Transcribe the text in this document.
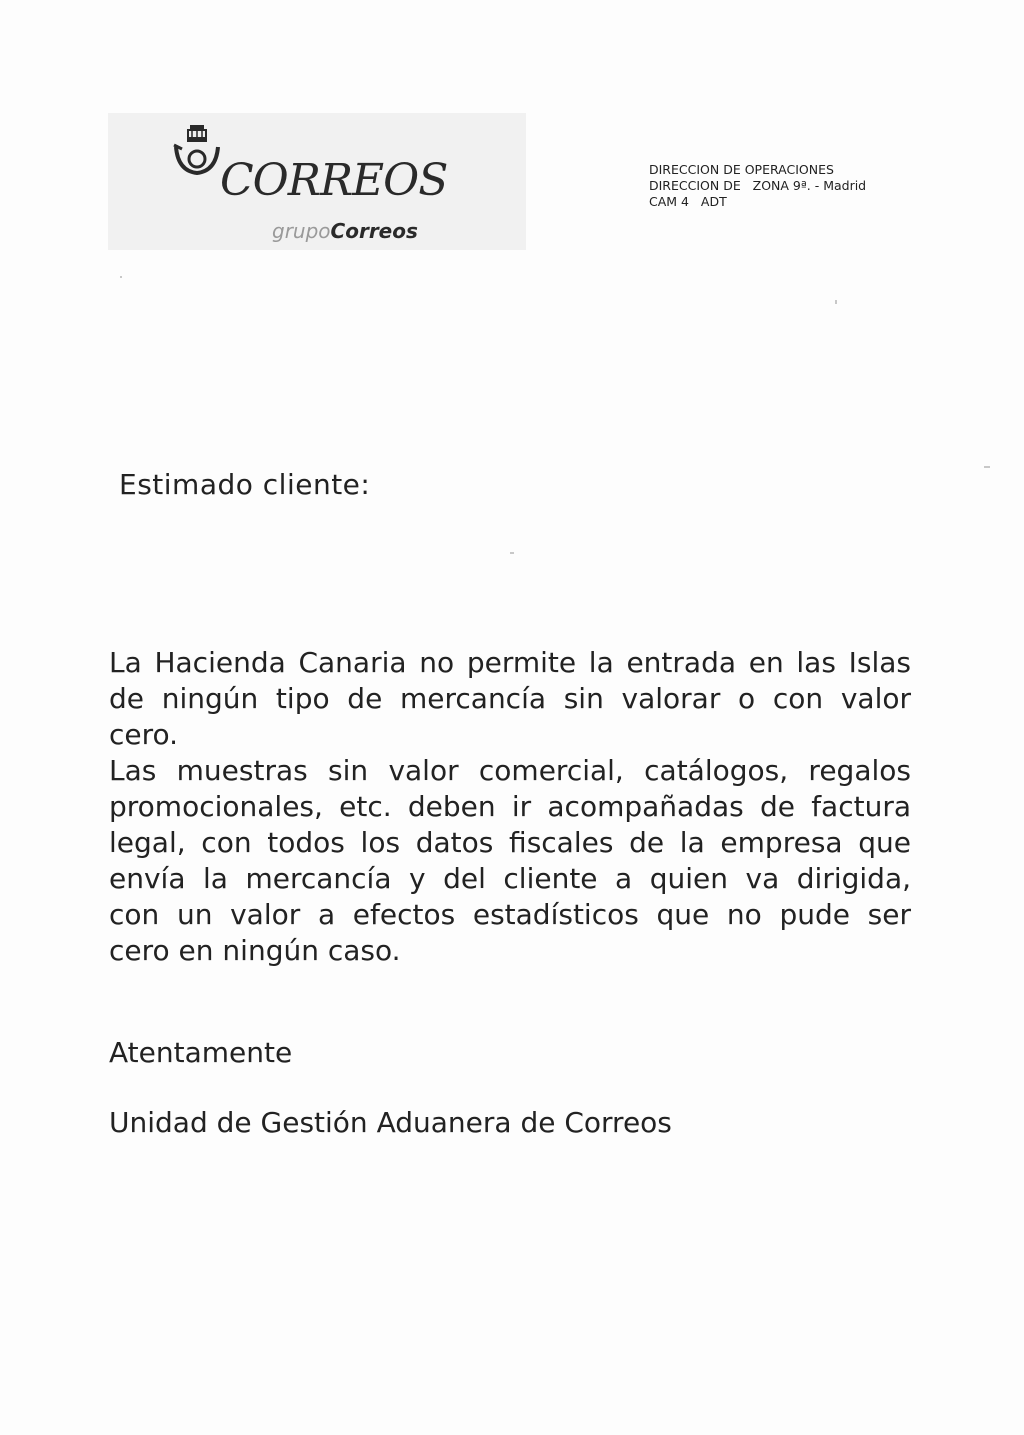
CORREOS
grupoCorreos
DIRECCION DE OPERACIONES
DIRECCION DE   ZONA 9ª. - Madrid
CAM 4   ADT
Estimado cliente:
La Hacienda Canaria no permite la entrada en las Islas
de ningún tipo de mercancía sin valorar o con valor
cero.
Las muestras sin valor comercial, catálogos, regalos
promocionales, etc. deben ir acompañadas de factura
legal, con todos los datos fiscales de la empresa que
envía la mercancía y del cliente a quien va dirigida,
con un valor a efectos estadísticos que no pude ser
cero en ningún caso.
Atentamente
Unidad de Gestión Aduanera de Correos
